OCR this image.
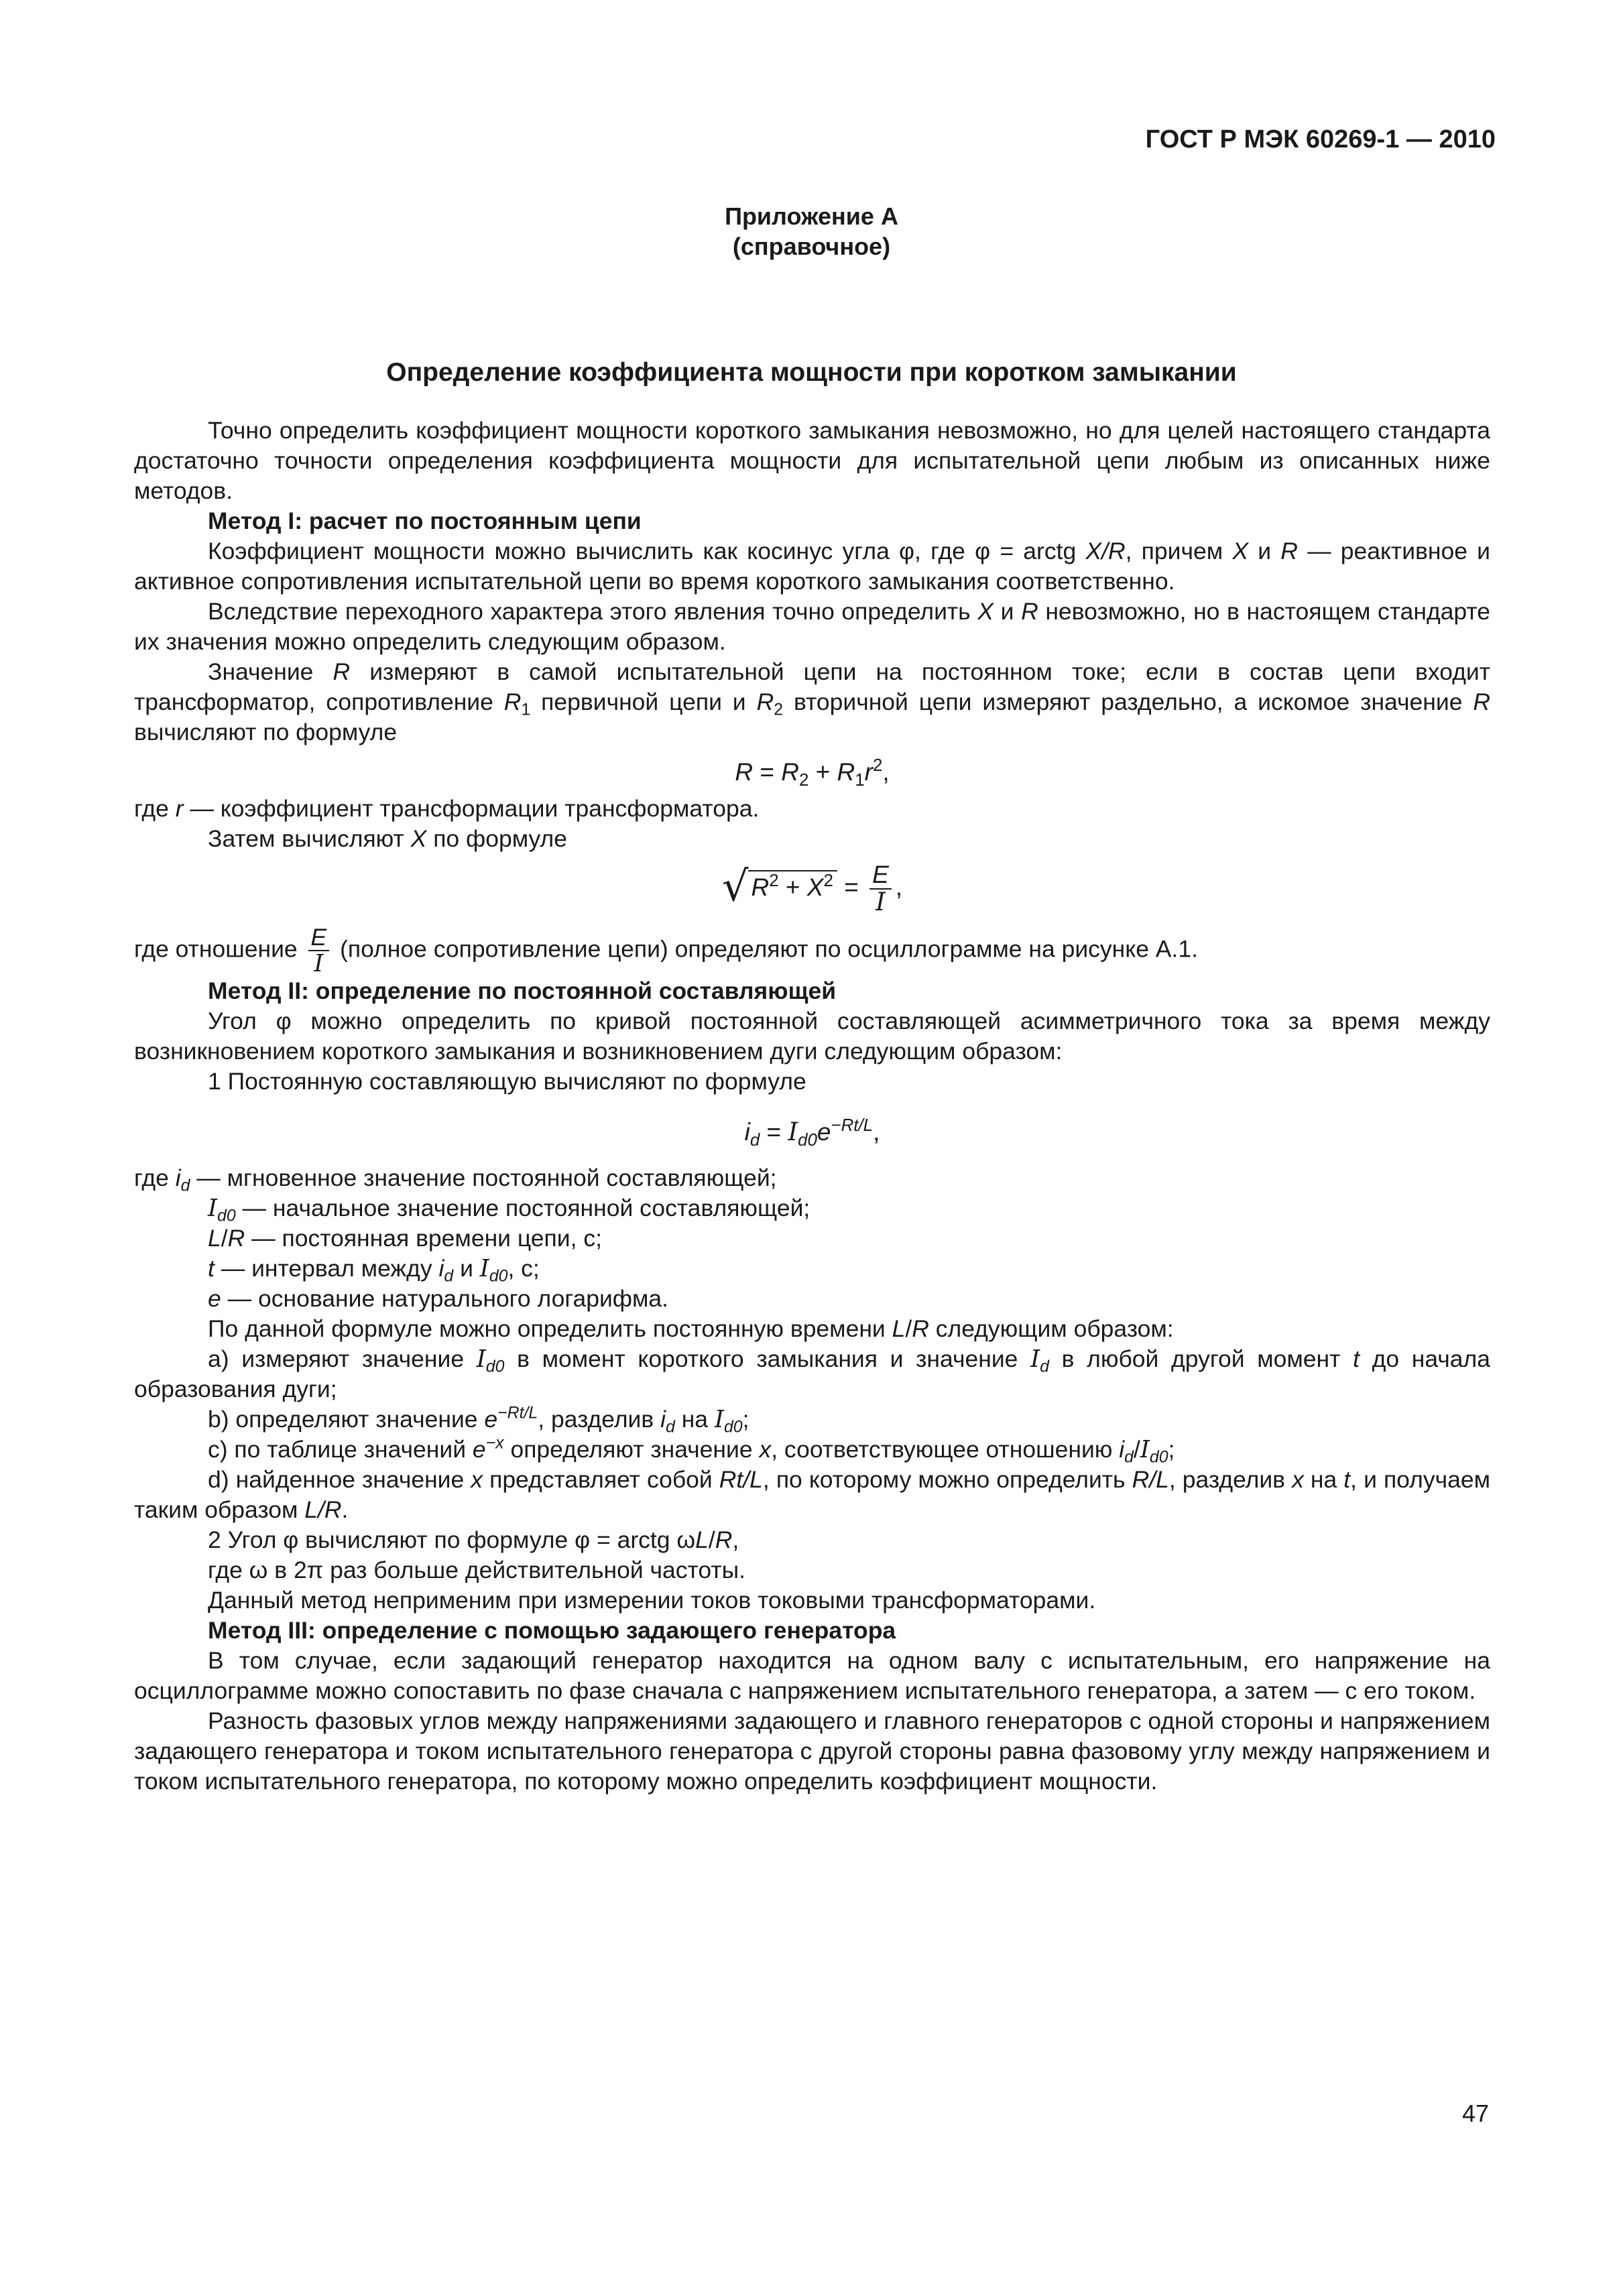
ГОСТ Р МЭК 60269-1 — 2010
Приложение А
(справочное)
Определение коэффициента мощности при коротком замыкании

Точно определить коэффициент мощности короткого замыкания невозможно, но для целей настоящего стандарта достаточно точности определения коэффициента мощности для испытательной цепи любым из описанных ниже методов.

Метод I: расчет по постоянным цепи

Коэффициент мощности можно вычислить как косинус угла φ, где φ = arctg X/R, причем X и R — реактивное и активное сопротивления испытательной цепи во время короткого замыкания соответственно.

Вследствие переходного характера этого явления точно определить X и R невозможно, но в настоящем стандарте их значения можно определить следующим образом.

Значение R измеряют в самой испытательной цепи на постоянном токе; если в состав цепи входит трансформатор, сопротивление $R_1$ первичной цепи и $R_2$ вторичной цепи измеряют раздельно, а искомое значение R вычисляют по формуле

$R = R_2 + R_1r^2$,

где r — коэффициент трансформации трансформатора.

Затем вычисляют X по формуле

√ $R^2 + X^2 = \frac{E}{I}$ ,

где отношение $\frac{E}{I}$ (полное сопротивление цепи) определяют по осциллограмме на рисунке А.1.

Метод II: определение по постоянной составляющей

Угол φ можно определить по кривой постоянной составляющей асимметричного тока за время между возникновением короткого замыкания и возникновением дуги следующим образом:

1 Постоянную составляющую вычисляют по формуле

$i_d = I_{d0}e^{-Rt/L}$,

где $i_d$ — мгновенное значение постоянной составляющей;

$I_{d0}$ — начальное значение постоянной составляющей;

L/R — постоянная времени цепи, с;

t — интервал между $i_d$ и $I_{d0}$, с;

e — основание натурального логарифма.

По данной формуле можно определить постоянную времени L/R следующим образом:

а) измеряют значение $I_{d0}$ в момент короткого замыкания и значение $I_d$ в любой другой момент t до начала образования дуги;

b) определяют значение $e^{-Rt/L}$, разделив $i_d$ на $I_{d0}$;

c) по таблице значений $e^{-x}$ определяют значение x, соответствующее отношению $i_d/I_{d0}$;

d) найденное значение x представляет собой Rt/L, по которому можно определить R/L, разделив x на t, и получаем таким образом L/R.

2 Угол φ вычисляют по формуле φ = arctg ωL/R,

где ω в 2π раз больше действительной частоты.

Данный метод неприменим при измерении токов токовыми трансформаторами.

Метод III: определение с помощью задающего генератора

В том случае, если задающий генератор находится на одном валу с испытательным, его напряжение на осциллограмме можно сопоставить по фазе сначала с напряжением испытательного генератора, а затем — с его током.

Разность фазовых углов между напряжениями задающего и главного генераторов с одной стороны и напряжением задающего генератора и током испытательного генератора с другой стороны равна фазовому углу между напряжением и током испытательного генератора, по которому можно определить коэффициент мощности.

47
